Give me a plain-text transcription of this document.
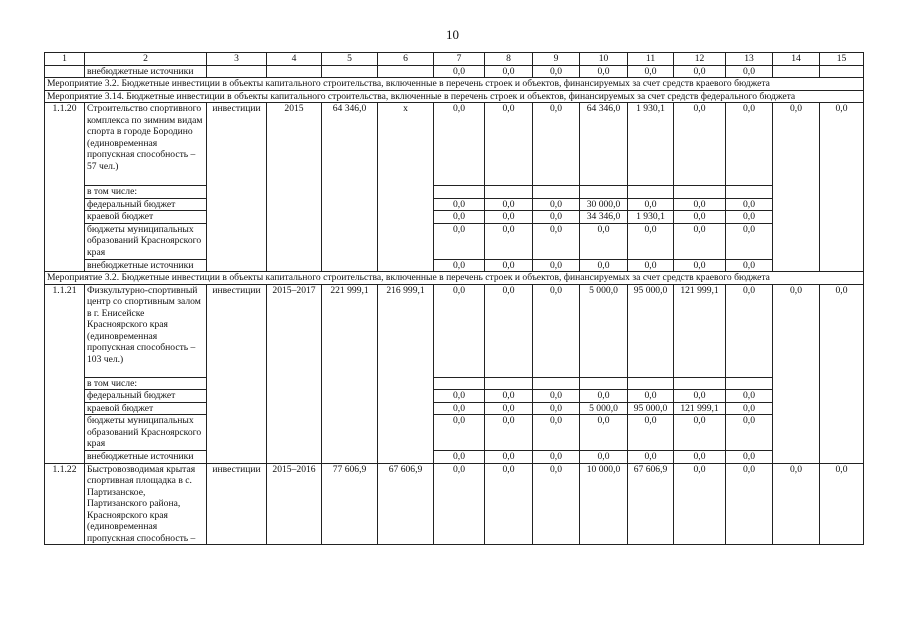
10
1	2	3	4	5	6	7	8	9	10	11	12	13	14	15
	внебюджетные источники					0,0	0,0	0,0	0,0	0,0	0,0	0,0		
Мероприятие 3.2. Бюджетные инвестиции в объекты капитального строительства, включенные в перечень строек и объектов, финансируемых за счет средств краевого бюджета														
Мероприятие 3.14. Бюджетные инвестиции в объекты капитального строительства, включенные в перечень строек и объектов, финансируемых за счет средств федерального бюджета														
1.1.20	Строительство спортивного комплекса по зимним видам спорта в городе Бородино (единовременная пропускная способность – 57 чел.)	инвестиции	2015	64 346,0	х	0,0	0,0	0,0	64 346,0	1 930,1	0,0	0,0	0,0	0,0
	в том числе:													
	федеральный бюджет					0,0	0,0	0,0	30 000,0	0,0	0,0	0,0		
	краевой бюджет					0,0	0,0	0,0	34 346,0	1 930,1	0,0	0,0		
	бюджеты муниципальных образований Красноярского края					0,0	0,0	0,0	0,0	0,0	0,0	0,0		
	внебюджетные источники					0,0	0,0	0,0	0,0	0,0	0,0	0,0		
Мероприятие 3.2. Бюджетные инвестиции в объекты капитального строительства, включенные в перечень строек и объектов, финансируемых за счет средств краевого бюджета														
1.1.21	Физкультурно-спортивный центр со спортивным залом в г. Енисейске Красноярского края (единовременная пропускная способность – 103 чел.)	инвестиции	2015–2017	221 999,1	216 999,1	0,0	0,0	0,0	5 000,0	95 000,0	121 999,1	0,0	0,0	0,0
	в том числе:													
	федеральный бюджет					0,0	0,0	0,0	0,0	0,0	0,0	0,0		
	краевой бюджет					0,0	0,0	0,0	5 000,0	95 000,0	121 999,1	0,0		
	бюджеты муниципальных образований Красноярского края					0,0	0,0	0,0	0,0	0,0	0,0	0,0		
	внебюджетные источники					0,0	0,0	0,0	0,0	0,0	0,0	0,0		
1.1.22	Быстровозводимая крытая спортивная площадка в с. Партизанское, Партизанского района, Красноярского края (единовременная пропускная способность –	инвестиции	2015–2016	77 606,9	67 606,9	0,0	0,0	0,0	10 000,0	67 606,9	0,0	0,0	0,0	0,0
